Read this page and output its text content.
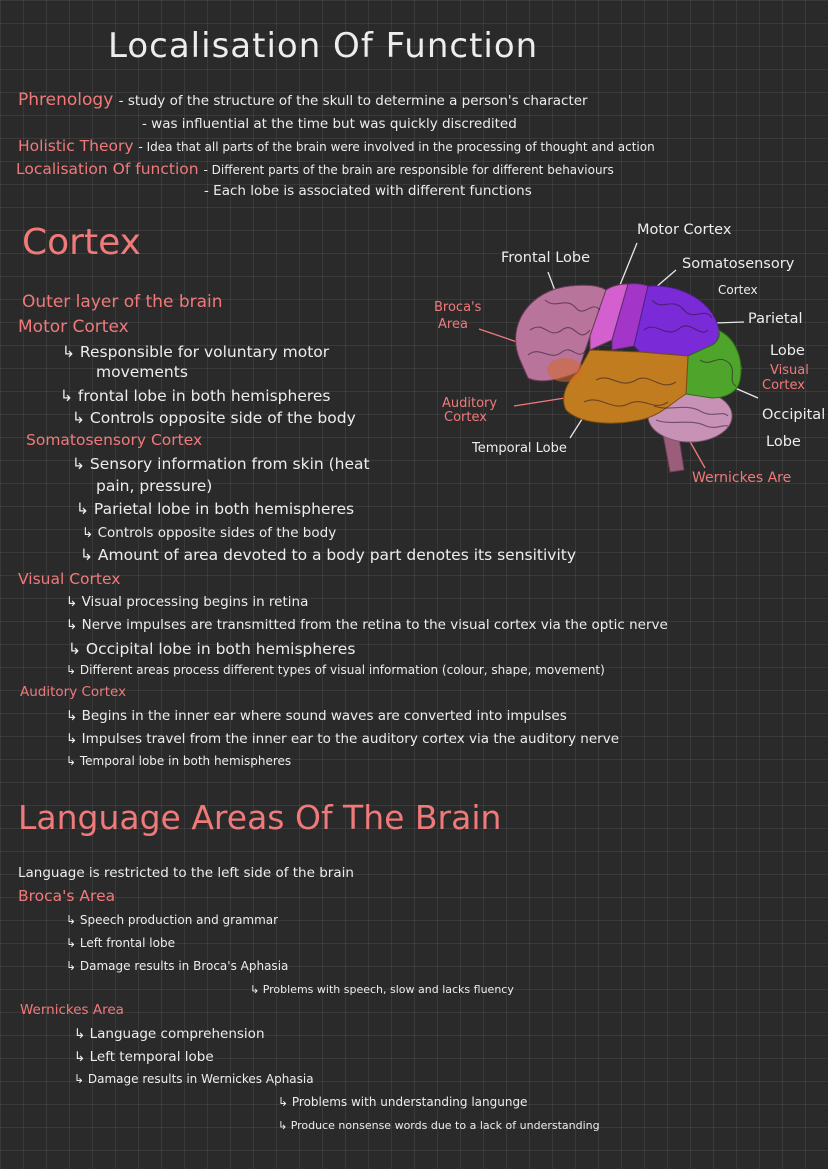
Localisation Of Function
Phrenology - study of the structure of the skull to determine a person's character
- was influential at the time but was quickly discredited
Holistic Theory - Idea that all parts of the brain were involved in the processing of thought and action
Localisation Of function - Different parts of the brain are responsible for different behaviours
- Each lobe is associated with different functions
Cortex
Outer layer of the brain
Motor Cortex
↳ Responsible for voluntary motor
movements
↳ frontal lobe in both hemispheres
↳ Controls opposite side of the body
Somatosensory Cortex
↳ Sensory information from skin (heat
pain, pressure)
↳ Parietal lobe in both hemispheres
↳ Controls opposite sides of the body
↳ Amount of area devoted to a body part denotes its sensitivity
Visual Cortex
↳ Visual processing begins in retina
↳ Nerve impulses are transmitted from the retina to the visual cortex via the optic nerve
↳ Occipital lobe in both hemispheres
↳ Different areas process different types of visual information (colour, shape, movement)
Auditory Cortex
↳ Begins in the inner ear where sound waves are converted into impulses
↳ Impulses travel from the inner ear to the auditory cortex via the auditory nerve
↳ Temporal lobe in both hemispheres
Motor Cortex
Frontal Lobe	Somatosensory
Cortex
Parietal
Lobe
Visual
Cortex
Occipital
Lobe
Wernickes Are
Temporal Lobe
Auditory
Cortex
Broca's
Area
Language Areas Of The Brain
Language is restricted to the left side of the brain
Broca's Area
↳ Speech production and grammar
↳ Left frontal lobe
↳ Damage results in Broca's Aphasia
↳ Problems with speech, slow and lacks fluency
Wernickes Area
↳ Language comprehension
↳ Left temporal lobe
↳ Damage results in Wernickes Aphasia
↳ Problems with understanding langunge
↳ Produce nonsense words due to a lack of understanding
